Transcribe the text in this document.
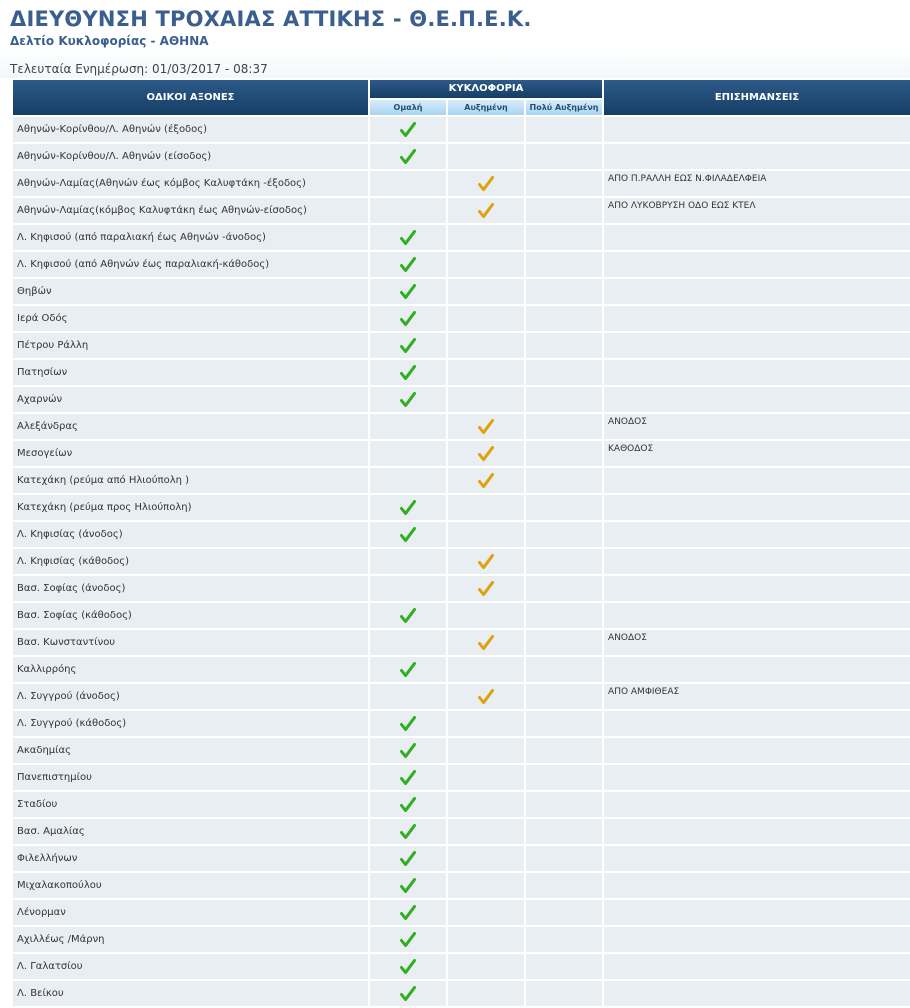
ΔΙΕΥΘΥΝΣΗ ΤΡΟΧΑΙΑΣ ΑΤΤΙΚΗΣ - Θ.Ε.Π.Ε.Κ.
Δελτίο Κυκλοφορίας - ΑΘΗΝΑ
Τελευταία Ενημέρωση: 01/03/2017 - 08:37
ΟΔΙΚΟΙ ΑΞΟΝΕΣ	ΚΥΚΛΟΦΟΡΙΑ			ΕΠΙΣΗΜΑΝΣΕΙΣ
	Ομαλή	Αυξημένη	Πολύ Αυξημένη	
Αθηνών-Κορίνθου/Λ. Αθηνών (έξοδος)				
Αθηνών-Κορίνθου/Λ. Αθηνών (είσοδος)				
Αθηνών-Λαμίας(Αθηνών έως κόμβος Καλυφτάκη -έξοδος)				ΑΠΟ Π.ΡΑΛΛΗ ΕΩΣ Ν.ΦΙΛΑΔΕΛΦΕΙΑ
Αθηνών-Λαμίας(κόμβος Καλυφτάκη έως Αθηνών-είσοδος)				ΑΠΟ ΛΥΚΟΒΡΥΣΗ ΟΔΟ ΕΩΣ ΚΤΕΛ
Λ. Κηφισού (από παραλιακή έως Αθηνών -άνοδος)				
Λ. Κηφισού (από Αθηνών έως παραλιακή-κάθοδος)				
Θηβών				
Ιερά Οδός				
Πέτρου Ράλλη				
Πατησίων				
Αχαρνών				
Αλεξάνδρας				ΑΝΟΔΟΣ
Μεσογείων				ΚΑΘΟΔΟΣ
Κατεχάκη (ρεύμα από Ηλιούπολη )				
Κατεχάκη (ρεύμα προς Ηλιούπολη)				
Λ. Κηφισίας (άνοδος)				
Λ. Κηφισίας (κάθοδος)				
Βασ. Σοφίας (άνοδος)				
Βασ. Σοφίας (κάθοδος)				
Βασ. Κωνσταντίνου				ΑΝΟΔΟΣ
Καλλιρρόης				
Λ. Συγγρού (άνοδος)				ΑΠΟ ΑΜΦΙΘΕΑΣ
Λ. Συγγρού (κάθοδος)				
Ακαδημίας				
Πανεπιστημίου				
Σταδίου				
Βασ. Αμαλίας				
Φιλελλήνων				
Μιχαλακοπούλου				
Λένορμαν				
Αχιλλέως /Μάρνη				
Λ. Γαλατσίου				
Λ. Βείκου				
